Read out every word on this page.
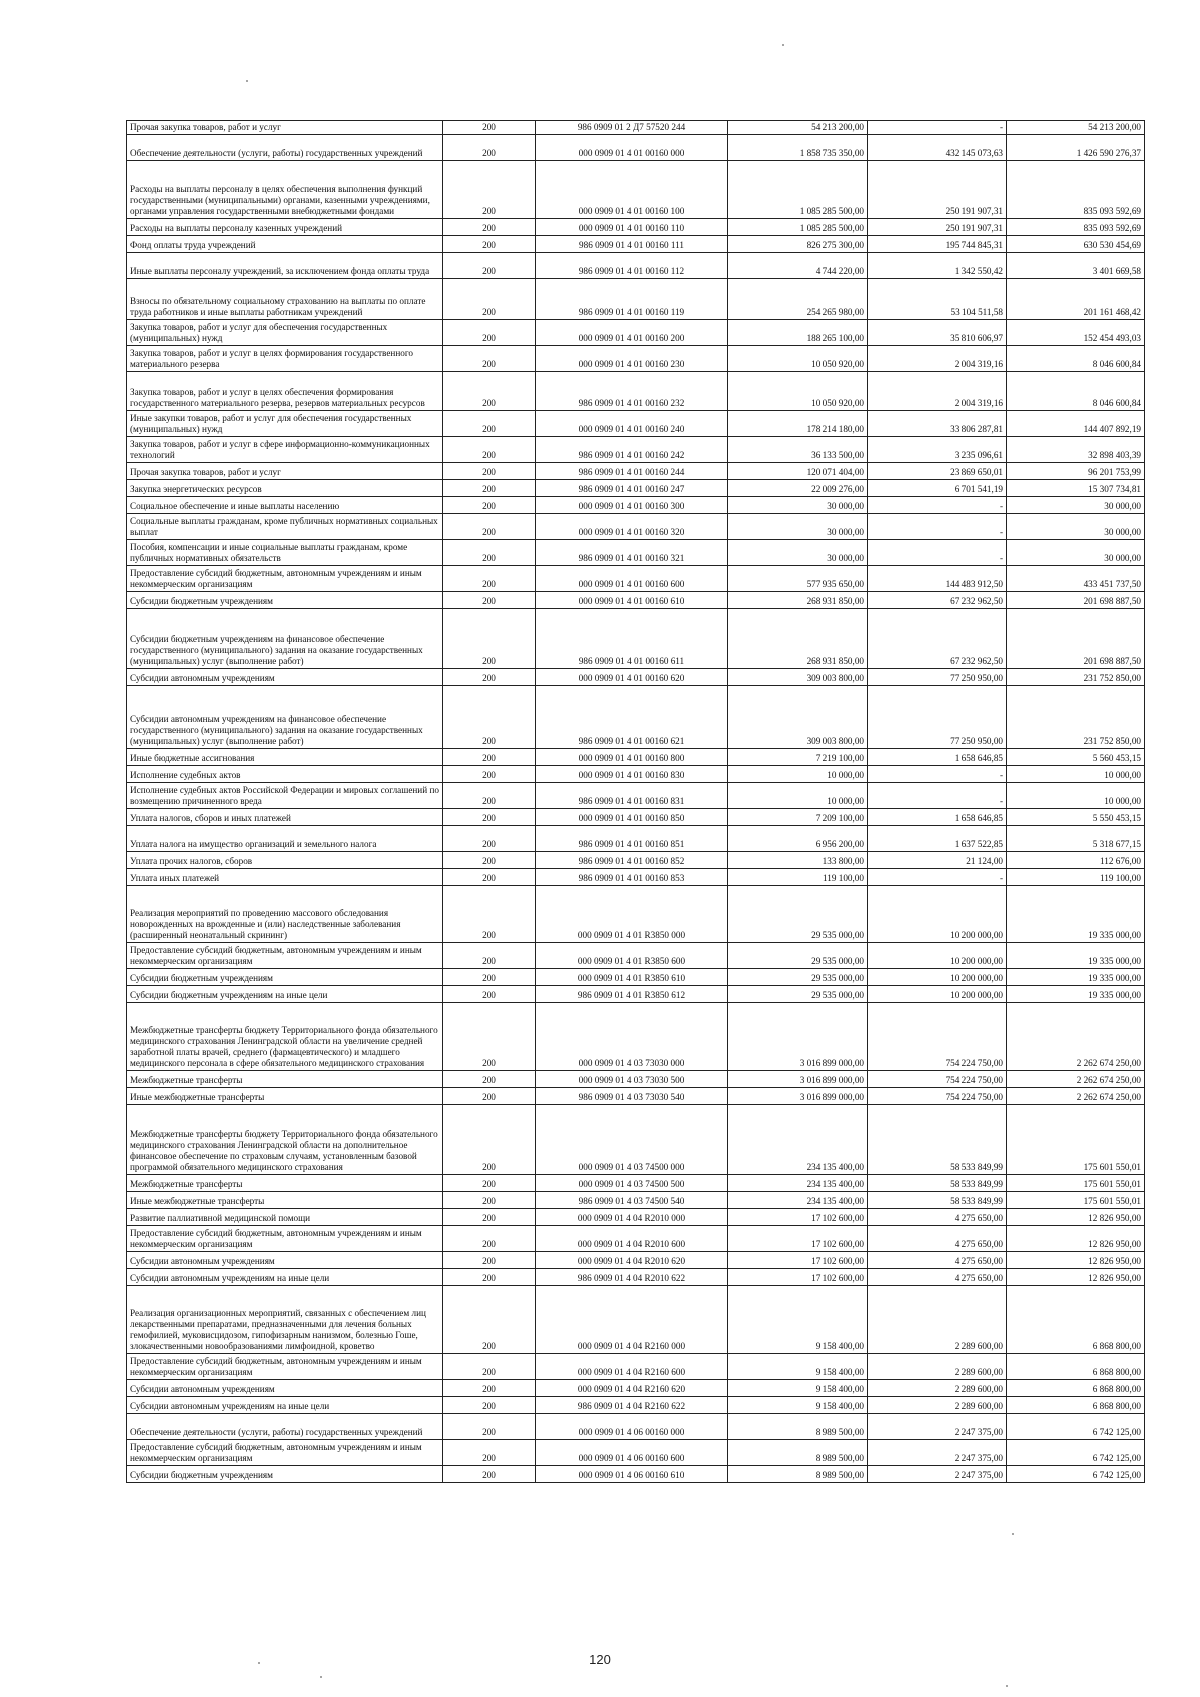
Прочая закупка товаров, работ и услуг	200	986 0909 01 2 Д7 57520 244	54 213 200,00	-	54 213 200,00
Обеспечение деятельности (услуги, работы) государственных учреждений	200	000 0909 01 4 01 00160 000	1 858 735 350,00	432 145 073,63	1 426 590 276,37
Расходы на выплаты персоналу в целях обеспечения выполнения функций государственными (муниципальными) органами, казенными учреждениями, органами управления государственными внебюджетными фондами	200	000 0909 01 4 01 00160 100	1 085 285 500,00	250 191 907,31	835 093 592,69
Расходы на выплаты персоналу казенных учреждений	200	000 0909 01 4 01 00160 110	1 085 285 500,00	250 191 907,31	835 093 592,69
Фонд оплаты труда учреждений	200	986 0909 01 4 01 00160 111	826 275 300,00	195 744 845,31	630 530 454,69
Иные выплаты персоналу учреждений, за исключением фонда оплаты труда	200	986 0909 01 4 01 00160 112	4 744 220,00	1 342 550,42	3 401 669,58
Взносы по обязательному социальному страхованию на выплаты по оплате труда работников и иные выплаты работникам учреждений	200	986 0909 01 4 01 00160 119	254 265 980,00	53 104 511,58	201 161 468,42
Закупка товаров, работ и услуг для обеспечения государственных (муниципальных) нужд	200	000 0909 01 4 01 00160 200	188 265 100,00	35 810 606,97	152 454 493,03
Закупка товаров, работ и услуг в целях формирования государственного материального резерва	200	000 0909 01 4 01 00160 230	10 050 920,00	2 004 319,16	8 046 600,84
Закупка товаров, работ и услуг в целях обеспечения формирования государственного материального резерва, резервов материальных ресурсов	200	986 0909 01 4 01 00160 232	10 050 920,00	2 004 319,16	8 046 600,84
Иные закупки товаров, работ и услуг для обеспечения государственных (муниципальных) нужд	200	000 0909 01 4 01 00160 240	178 214 180,00	33 806 287,81	144 407 892,19
Закупка товаров, работ и услуг в сфере информационно-коммуникационных технологий	200	986 0909 01 4 01 00160 242	36 133 500,00	3 235 096,61	32 898 403,39
Прочая закупка товаров, работ и услуг	200	986 0909 01 4 01 00160 244	120 071 404,00	23 869 650,01	96 201 753,99
Закупка энергетических ресурсов	200	986 0909 01 4 01 00160 247	22 009 276,00	6 701 541,19	15 307 734,81
Социальное обеспечение и иные выплаты населению	200	000 0909 01 4 01 00160 300	30 000,00	-	30 000,00
Социальные выплаты гражданам, кроме публичных нормативных социальных выплат	200	000 0909 01 4 01 00160 320	30 000,00	-	30 000,00
Пособия, компенсации и иные социальные выплаты гражданам, кроме публичных нормативных обязательств	200	986 0909 01 4 01 00160 321	30 000,00	-	30 000,00
Предоставление субсидий бюджетным, автономным учреждениям и иным некоммерческим организациям	200	000 0909 01 4 01 00160 600	577 935 650,00	144 483 912,50	433 451 737,50
Субсидии бюджетным учреждениям	200	000 0909 01 4 01 00160 610	268 931 850,00	67 232 962,50	201 698 887,50
Субсидии бюджетным учреждениям на финансовое обеспечение государственного (муниципального) задания на оказание государственных (муниципальных) услуг (выполнение работ)	200	986 0909 01 4 01 00160 611	268 931 850,00	67 232 962,50	201 698 887,50
Субсидии автономным учреждениям	200	000 0909 01 4 01 00160 620	309 003 800,00	77 250 950,00	231 752 850,00
Субсидии автономным учреждениям на финансовое обеспечение государственного (муниципального) задания на оказание государственных (муниципальных) услуг (выполнение работ)	200	986 0909 01 4 01 00160 621	309 003 800,00	77 250 950,00	231 752 850,00
Иные бюджетные ассигнования	200	000 0909 01 4 01 00160 800	7 219 100,00	1 658 646,85	5 560 453,15
Исполнение судебных актов	200	000 0909 01 4 01 00160 830	10 000,00	-	10 000,00
Исполнение судебных актов Российской Федерации и мировых соглашений по возмещению причиненного вреда	200	986 0909 01 4 01 00160 831	10 000,00	-	10 000,00
Уплата налогов, сборов и иных платежей	200	000 0909 01 4 01 00160 850	7 209 100,00	1 658 646,85	5 550 453,15
Уплата налога на имущество организаций и земельного налога	200	986 0909 01 4 01 00160 851	6 956 200,00	1 637 522,85	5 318 677,15
Уплата прочих налогов, сборов	200	986 0909 01 4 01 00160 852	133 800,00	21 124,00	112 676,00
Уплата иных платежей	200	986 0909 01 4 01 00160 853	119 100,00	-	119 100,00
Реализация мероприятий по проведению массового обследования новорожденных на врожденные и (или) наследственные заболевания (расширенный неонатальный скрининг)	200	000 0909 01 4 01 R3850 000	29 535 000,00	10 200 000,00	19 335 000,00
Предоставление субсидий бюджетным, автономным учреждениям и иным некоммерческим организациям	200	000 0909 01 4 01 R3850 600	29 535 000,00	10 200 000,00	19 335 000,00
Субсидии бюджетным учреждениям	200	000 0909 01 4 01 R3850 610	29 535 000,00	10 200 000,00	19 335 000,00
Субсидии бюджетным учреждениям на иные цели	200	986 0909 01 4 01 R3850 612	29 535 000,00	10 200 000,00	19 335 000,00
Межбюджетные трансферты бюджету Территориального фонда обязательного медицинского страхования Ленинградской области на увеличение средней заработной платы врачей, среднего (фармацевтического) и младшего медицинского персонала в сфере обязательного медицинского страхования	200	000 0909 01 4 03 73030 000	3 016 899 000,00	754 224 750,00	2 262 674 250,00
Межбюджетные трансферты	200	000 0909 01 4 03 73030 500	3 016 899 000,00	754 224 750,00	2 262 674 250,00
Иные межбюджетные трансферты	200	986 0909 01 4 03 73030 540	3 016 899 000,00	754 224 750,00	2 262 674 250,00
Межбюджетные трансферты бюджету Территориального фонда обязательного медицинского страхования Ленинградской области на дополнительное финансовое обеспечение по страховым случаям, установленным базовой программой обязательного медицинского страхования	200	000 0909 01 4 03 74500 000	234 135 400,00	58 533 849,99	175 601 550,01
Межбюджетные трансферты	200	000 0909 01 4 03 74500 500	234 135 400,00	58 533 849,99	175 601 550,01
Иные межбюджетные трансферты	200	986 0909 01 4 03 74500 540	234 135 400,00	58 533 849,99	175 601 550,01
Развитие паллиативной медицинской помощи	200	000 0909 01 4 04 R2010 000	17 102 600,00	4 275 650,00	12 826 950,00
Предоставление субсидий бюджетным, автономным учреждениям и иным некоммерческим организациям	200	000 0909 01 4 04 R2010 600	17 102 600,00	4 275 650,00	12 826 950,00
Субсидии автономным учреждениям	200	000 0909 01 4 04 R2010 620	17 102 600,00	4 275 650,00	12 826 950,00
Субсидии автономным учреждениям на иные цели	200	986 0909 01 4 04 R2010 622	17 102 600,00	4 275 650,00	12 826 950,00
Реализация организационных мероприятий, связанных с обеспечением лиц лекарственными препаратами, предназначенными для лечения больных гемофилией, муковисцидозом, гипофизарным нанизмом, болезнью Гоше, злокачественными новообразованиями лимфоидной, кроветво	200	000 0909 01 4 04 R2160 000	9 158 400,00	2 289 600,00	6 868 800,00
Предоставление субсидий бюджетным, автономным учреждениям и иным некоммерческим организациям	200	000 0909 01 4 04 R2160 600	9 158 400,00	2 289 600,00	6 868 800,00
Субсидии автономным учреждениям	200	000 0909 01 4 04 R2160 620	9 158 400,00	2 289 600,00	6 868 800,00
Субсидии автономным учреждениям на иные цели	200	986 0909 01 4 04 R2160 622	9 158 400,00	2 289 600,00	6 868 800,00
Обеспечение деятельности (услуги, работы) государственных учреждений	200	000 0909 01 4 06 00160 000	8 989 500,00	2 247 375,00	6 742 125,00
Предоставление субсидий бюджетным, автономным учреждениям и иным некоммерческим организациям	200	000 0909 01 4 06 00160 600	8 989 500,00	2 247 375,00	6 742 125,00
Субсидии бюджетным учреждениям	200	000 0909 01 4 06 00160 610	8 989 500,00	2 247 375,00	6 742 125,00
120
